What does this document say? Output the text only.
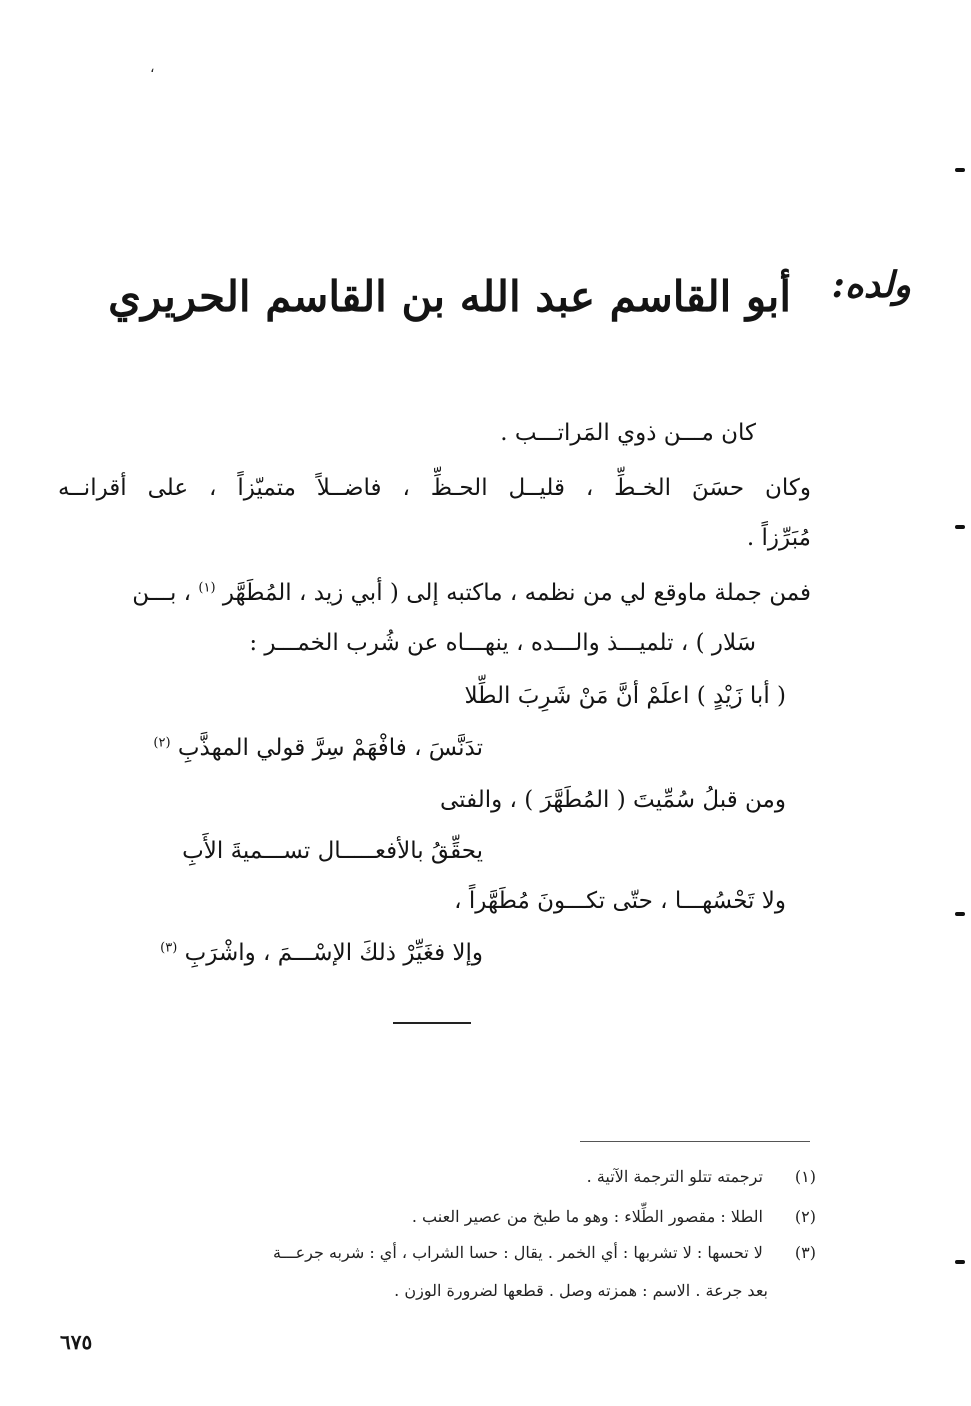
،
ولده:
أبو القاسم عبد الله بن القاسم الحريري
كان مـــن ذوي المَراتـــب .
وكان حسَنَ الخـطِّ ، قليــل الحـظِّ ، فاضــلاً متميّزاً ، على أقرانــه
مُبَرِّزاً .
فمن جملة ماوقع لي من نظمه ، ماكتبه إلى ( أبي زيد ، المُطَهَّر $^{(١)}$ ، بـــن
سَلار ) ، تلميـــذ والـــده ، ينهـــاه عن شُرب الخمـــر :
( أبا زَيْدٍ ) اعلَمْ أنَّ مَنْ شَرِبَ الطِّلا
تدَنَّسَ ، فافْهَمْ سِرَّ قولي المهذَّبِ $^{(٢)}$
ومن قبلُ سُمِّيتَ ( المُطَهَّرَ ) ، والفتى
يحقِّقُ بالأفعـــــال تســـميةَ الأَبِ
ولا تَحْسُهـــا ، حتّى تكـــونَ مُطَهَّراً ،
وإلا فغَيِّرْ ذلكَ الإسْـــمَ ، واشْرَبِ $^{(٣)}$
(١) ترجمته تتلو الترجمة الآتية .
(٢) الطلا : مقصور الطِّلاء : وهو ما طبخ من عصير العنب .
(٣) لا تحسها : لا تشربها : أي الخمر . يقال : حسا الشراب ، أي : شربه جرعـــة
بعد جرعة . الاسم : همزته وصل . قطعها لضرورة الوزن .
٦٧٥
